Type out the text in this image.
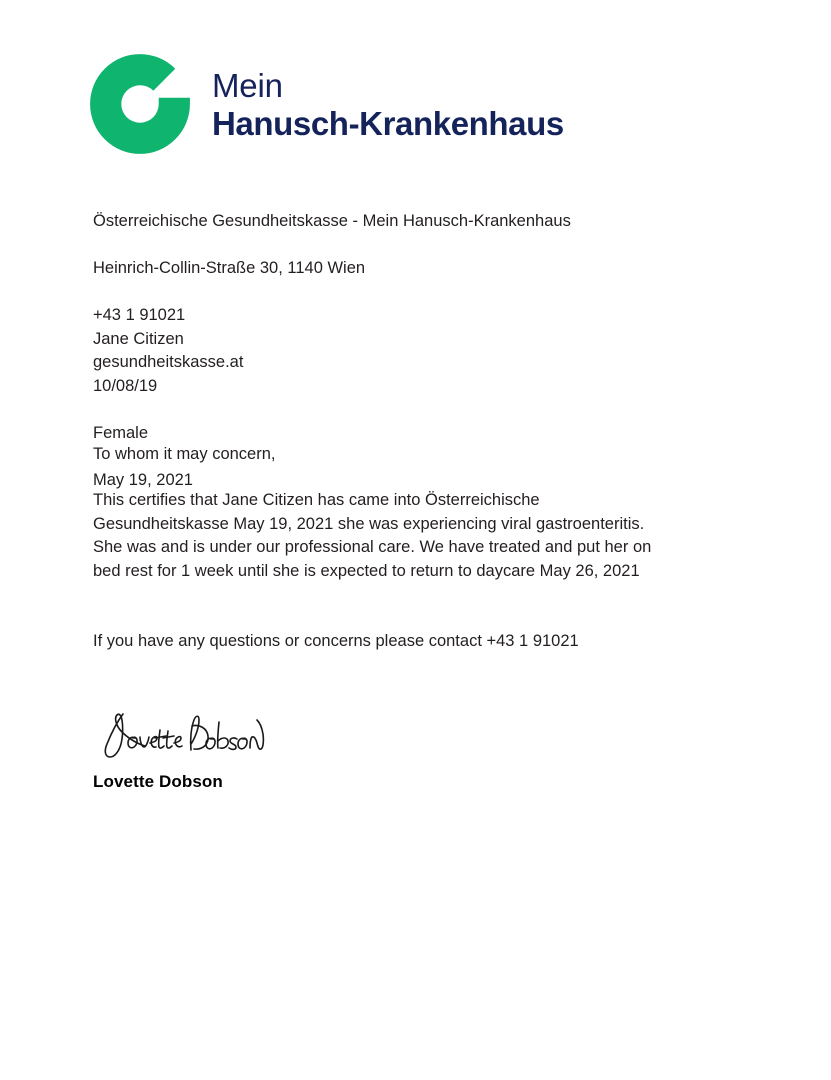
Mein
Hanusch-Krankenhaus

Österreichische Gesundheitskasse - Mein Hanusch-Krankenhaus

Heinrich-Collin-Straße 30, 1140 Wien

+43 1 91021

gesundheitskasse.at

Jane Citizen

10/08/19

Female

May 19, 2021

To whom it may concern,
This certifies that Jane Citizen has came into Österreichische Gesundheitskasse May 19, 2021 she was experiencing viral gastroenteritis. She was and is under our professional care. We have treated and put her on bed rest for 1 week until she is expected to return to daycare May 26, 2021
If you have any questions or concerns please contact +43 1 91021
Lovette Dobson
